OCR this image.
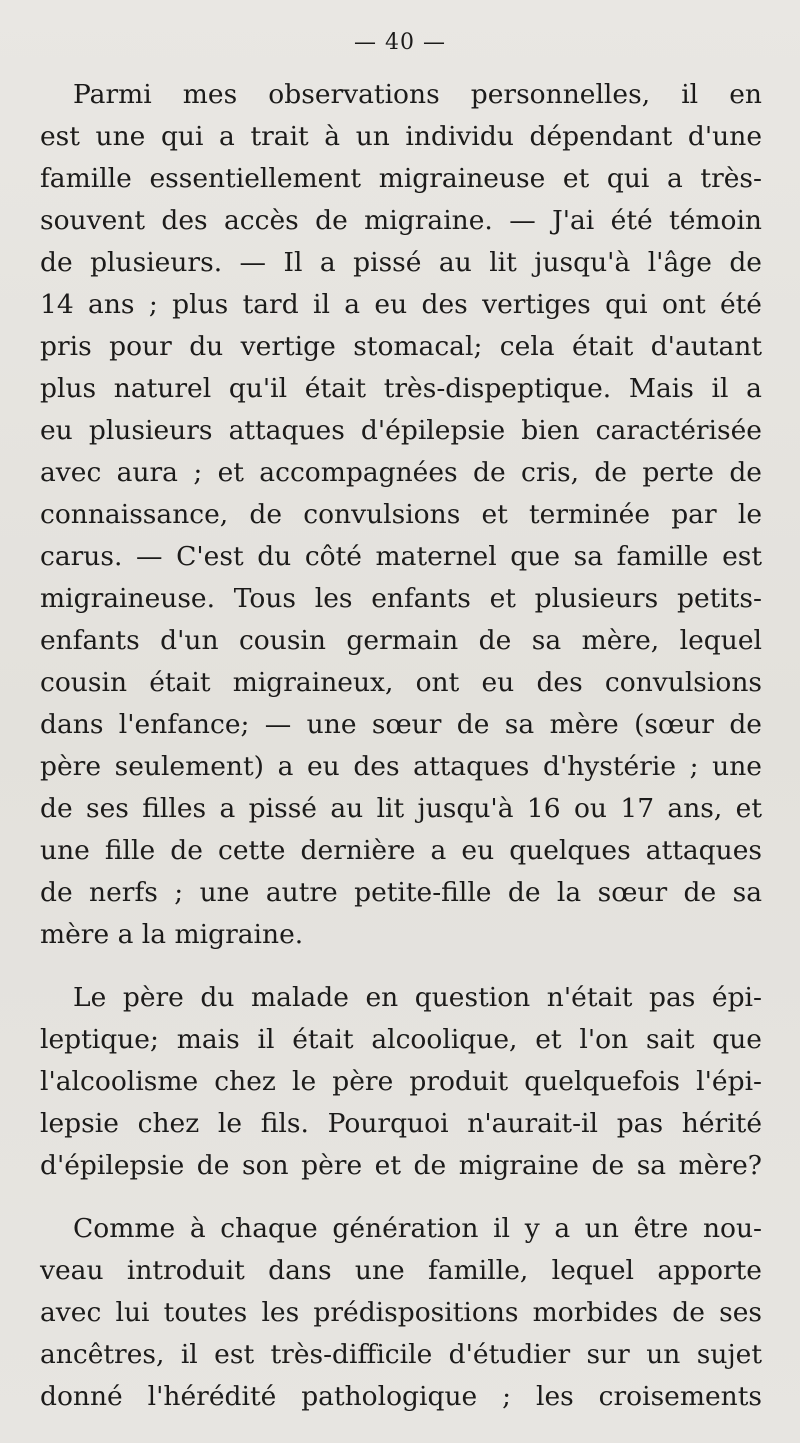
— 40 —
Parmi mes observations personnelles, il en
est une qui a trait à un individu dépendant d'une
famille essentiellement migraineuse et qui a très-
souvent des accès de migraine. — J'ai été témoin
de plusieurs. — Il a pissé au lit jusqu'à l'âge de
14 ans ; plus tard il a eu des vertiges qui ont été
pris pour du vertige stomacal; cela était d'autant
plus naturel qu'il était très-dispeptique. Mais il a
eu plusieurs attaques d'épilepsie bien caractérisée
avec aura ; et accompagnées de cris, de perte de
connaissance, de convulsions et terminée par le
carus. — C'est du côté maternel que sa famille est
migraineuse. Tous les enfants et plusieurs petits-
enfants d'un cousin germain de sa mère, lequel
cousin était migraineux, ont eu des convulsions
dans l'enfance; — une sœur de sa mère (sœur de
père seulement) a eu des attaques d'hystérie ; une
de ses filles a pissé au lit jusqu'à 16 ou 17 ans, et
une fille de cette dernière a eu quelques attaques
de nerfs ; une autre petite-fille de la sœur de sa
mère a la migraine.
Le père du malade en question n'était pas épi-
leptique; mais il était alcoolique, et l'on sait que
l'alcoolisme chez le père produit quelquefois l'épi-
lepsie chez le fils. Pourquoi n'aurait-il pas hérité
d'épilepsie de son père et de migraine de sa mère?
Comme à chaque génération il y a un être nou-
veau introduit dans une famille, lequel apporte
avec lui toutes les prédispositions morbides de ses
ancêtres, il est très-difficile d'étudier sur un sujet
donné l'hérédité pathologique ; les croisements
